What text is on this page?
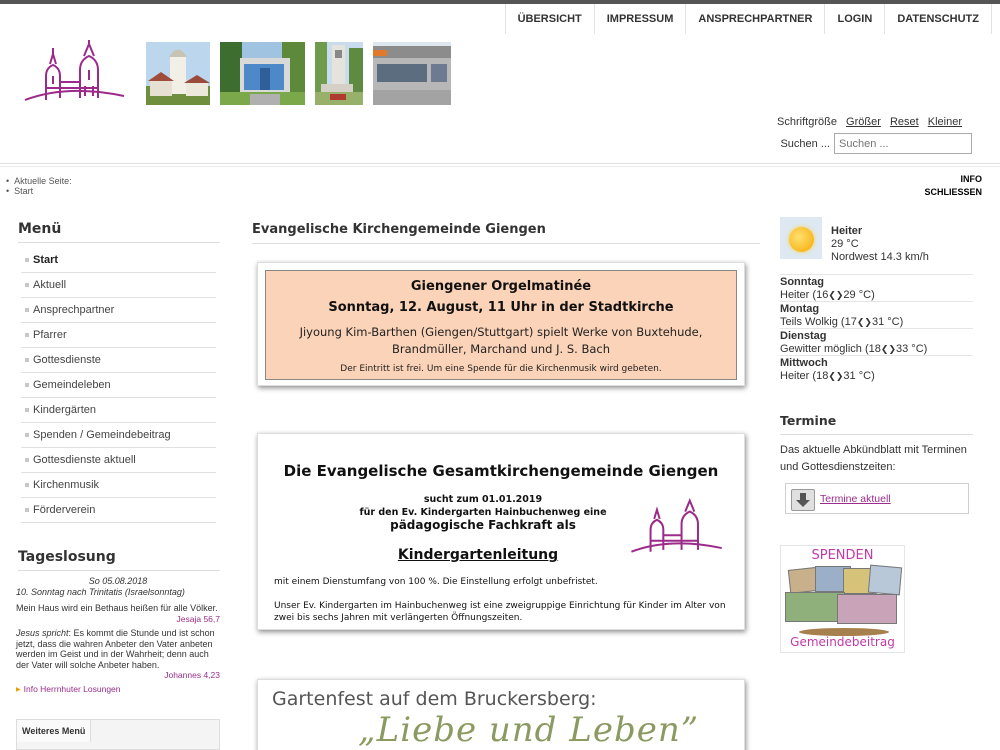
ÜBERSICHT	IMPRESSUM	ANSPRECHPARTNER	LOGIN	DATENSCHUTZ
Schriftgröße Größer Reset Kleiner
Suchen ...
Suchen ...
• Aktuelle Seite:
• Start
INFO
SCHLIESSEN
Menü
Start
Aktuell
Ansprechpartner
Pfarrer
Gottesdienste
Gemeindeleben
Kindergärten
Spenden / Gemeindebeitrag
Gottesdienste aktuell
Kirchenmusik
Förderverein
Tageslosung
So 05.08.2018
10. Sonntag nach Trinitatis (Israelsonntag)
Mein Haus wird ein Bethaus heißen für alle Völker.
Jesaja 56,7
Jesus spricht: Es kommt die Stunde und ist schon jetzt, dass die wahren Anbeter den Vater anbeten werden im Geist und in der Wahrheit; denn auch der Vater will solche Anbeter haben.
Johannes 4,23
▶ Info Herrnhuter Losungen
Weiteres Menü
Evangelische Kirchengemeinde Giengen
Giengener Orgelmatinée
Sonntag, 12. August, 11 Uhr in der Stadtkirche
Jiyoung Kim-Barthen (Giengen/Stuttgart) spielt Werke von Buxtehude, Brandmüller, Marchand und J. S. Bach
Der Eintritt ist frei. Um eine Spende für die Kirchenmusik wird gebeten.
Die Evangelische Gesamtkirchengemeinde Giengen
sucht zum 01.01.2019
für den Ev. Kindergarten Hainbuchenweg eine
pädagogische Fachkraft als
Kindergartenleitung
mit einem Dienstumfang von 100 %. Die Einstellung erfolgt unbefristet.
Unser Ev. Kindergarten im Hainbuchenweg ist eine zweigruppige Einrichtung für Kinder im Alter von zwei bis sechs Jahren mit verlängerten Öffnungszeiten.
Gartenfest auf dem Bruckersberg:
„Liebe und Leben”
Heiter
29 °C
Nordwest 14.3 km/h
Sonntag
Heiter (16❮❯29 °C)
Montag
Teils Wolkig (17❮❯31 °C)
Dienstag
Gewitter möglich (18❮❯33 °C)
Mittwoch
Heiter (18❮❯31 °C)
Termine
Das aktuelle Abkündblatt mit Terminen und Gottesdienstzeiten:
Termine aktuell
SPENDEN
Gemeindebeitrag
